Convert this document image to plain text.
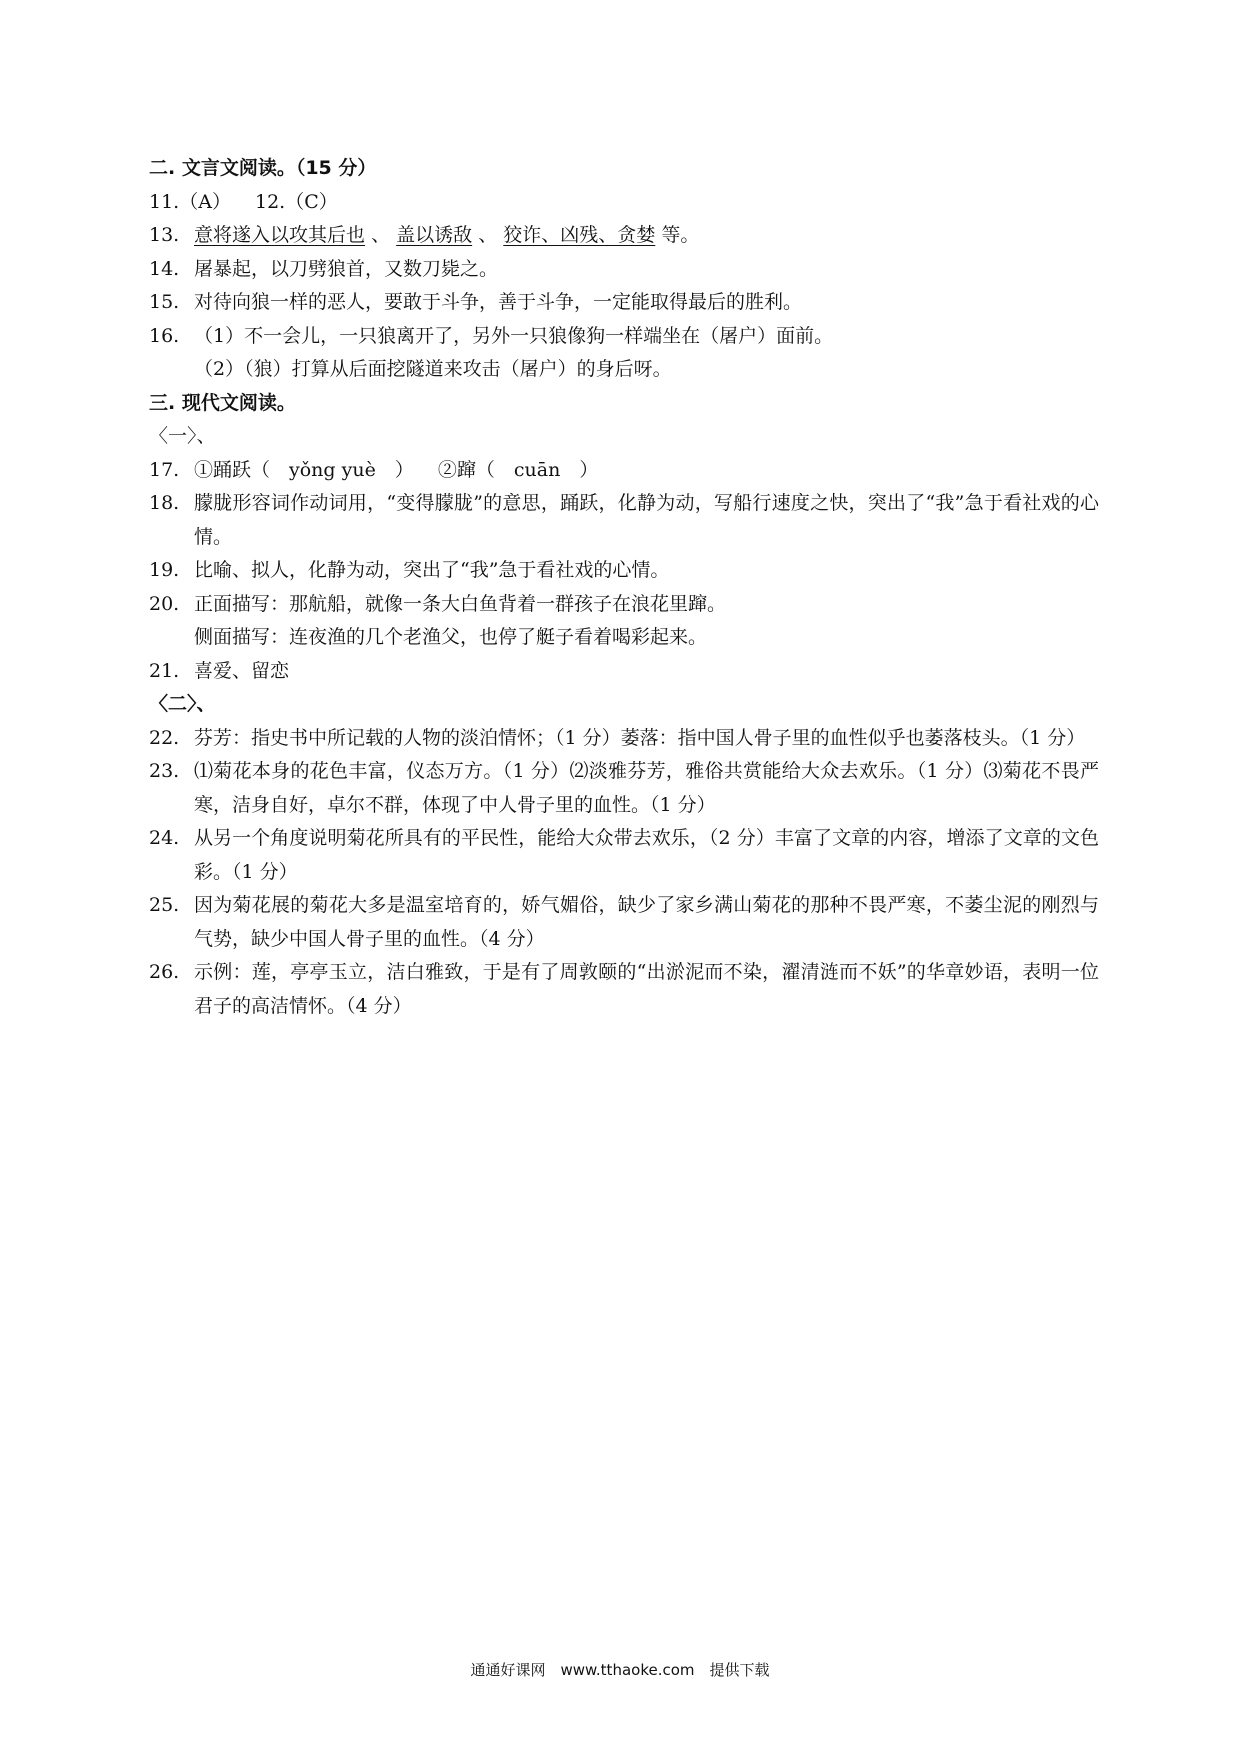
二. 文言文阅读。（15 分）
11.（A） 12.（C）
13. 意将遂入以攻其后也 、 盖以诱敌 、 狡诈、凶残、贪婪 等。
14. 屠暴起，以刀劈狼首，又数刀毙之。
15. 对待向狼一样的恶人，要敢于斗争，善于斗争，一定能取得最后的胜利。
16. （1）不一会儿，一只狼离开了，另外一只狼像狗一样端坐在（屠户）面前。
（2）（狼）打算从后面挖隧道来攻击（屠户）的身后呀。
三. 现代文阅读。
〈一〉、
17. ①踊跃（　yǒng yuè　） ②蹿（　cuān　）
18. 朦胧形容词作动词用，“变得朦胧”的意思，踊跃，化静为动，写船行速度之快，突出了“我”急于看社戏的心情。
19. 比喻、拟人，化静为动，突出了“我”急于看社戏的心情。
20. 正面描写：那航船，就像一条大白鱼背着一群孩子在浪花里蹿。
侧面描写：连夜渔的几个老渔父，也停了艇子看着喝彩起来。
21. 喜爱、留恋
〈二〉、
22. 芬芳：指史书中所记载的人物的淡泊情怀；（1 分）萎落：指中国人骨子里的血性似乎也萎落枝头。（1 分）
23. ⑴菊花本身的花色丰富，仪态万方。（1 分）⑵淡雅芬芳，雅俗共赏能给大众去欢乐。（1 分）⑶菊花不畏严寒，洁身自好，卓尔不群，体现了中人骨子里的血性。（1 分）
24. 从另一个角度说明菊花所具有的平民性，能给大众带去欢乐，（2 分）丰富了文章的内容，增添了文章的文色彩。（1 分）
25. 因为菊花展的菊花大多是温室培育的，娇气媚俗，缺少了家乡满山菊花的那种不畏严寒，不萎尘泥的刚烈与气势，缺少中国人骨子里的血性。（4 分）
26. 示例：莲，亭亭玉立，洁白雅致，于是有了周敦颐的“出淤泥而不染，濯清涟而不妖”的华章妙语，表明一位君子的高洁情怀。（4 分）
通通好课网　www.tthaoke.com　提供下载
